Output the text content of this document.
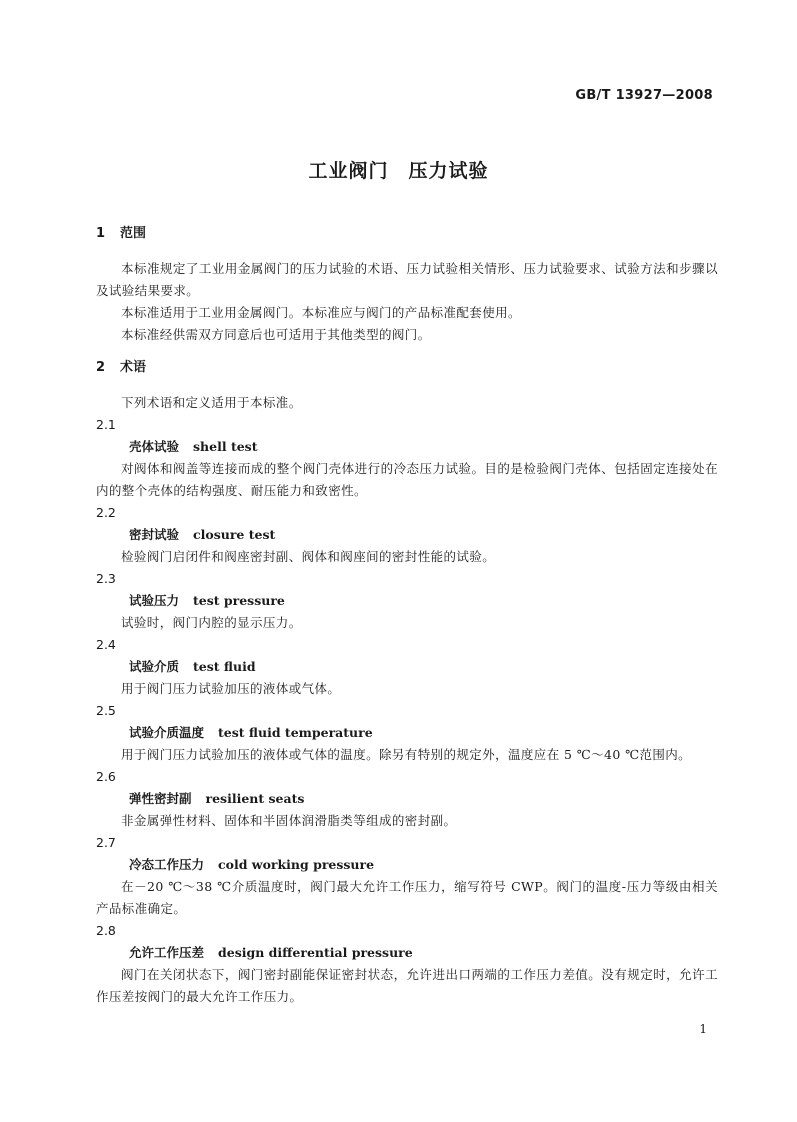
GB/T 13927—2008
工业阀门　压力试验
1 范围

本标准规定了工业用金属阀门的压力试验的术语、压力试验相关情形、压力试验要求、试验方法和步骤以及试验结果要求。

本标准适用于工业用金属阀门。本标准应与阀门的产品标准配套使用。

本标准经供需双方同意后也可适用于其他类型的阀门。

2 术语

下列术语和定义适用于本标准。

2.1
壳体试验 shell test

对阀体和阀盖等连接而成的整个阀门壳体进行的冷态压力试验。目的是检验阀门壳体、包括固定连接处在内的整个壳体的结构强度、耐压能力和致密性。

2.2
密封试验 closure test

检验阀门启闭件和阀座密封副、阀体和阀座间的密封性能的试验。

2.3
试验压力 test pressure

试验时，阀门内腔的显示压力。

2.4
试验介质 test fluid

用于阀门压力试验加压的液体或气体。

2.5
试验介质温度 test fluid temperature

用于阀门压力试验加压的液体或气体的温度。除另有特别的规定外，温度应在 5 ℃～40 ℃范围内。

2.6
弹性密封副 resilient seats

非金属弹性材料、固体和半固体润滑脂类等组成的密封副。

2.7
冷态工作压力 cold working pressure

在－20 ℃～38 ℃介质温度时，阀门最大允许工作压力，缩写符号 CWP。阀门的温度-压力等级由相关产品标准确定。

2.8
允许工作压差 design differential pressure

阀门在关闭状态下，阀门密封副能保证密封状态，允许进出口两端的工作压力差值。没有规定时，允许工作压差按阀门的最大允许工作压力。

1
